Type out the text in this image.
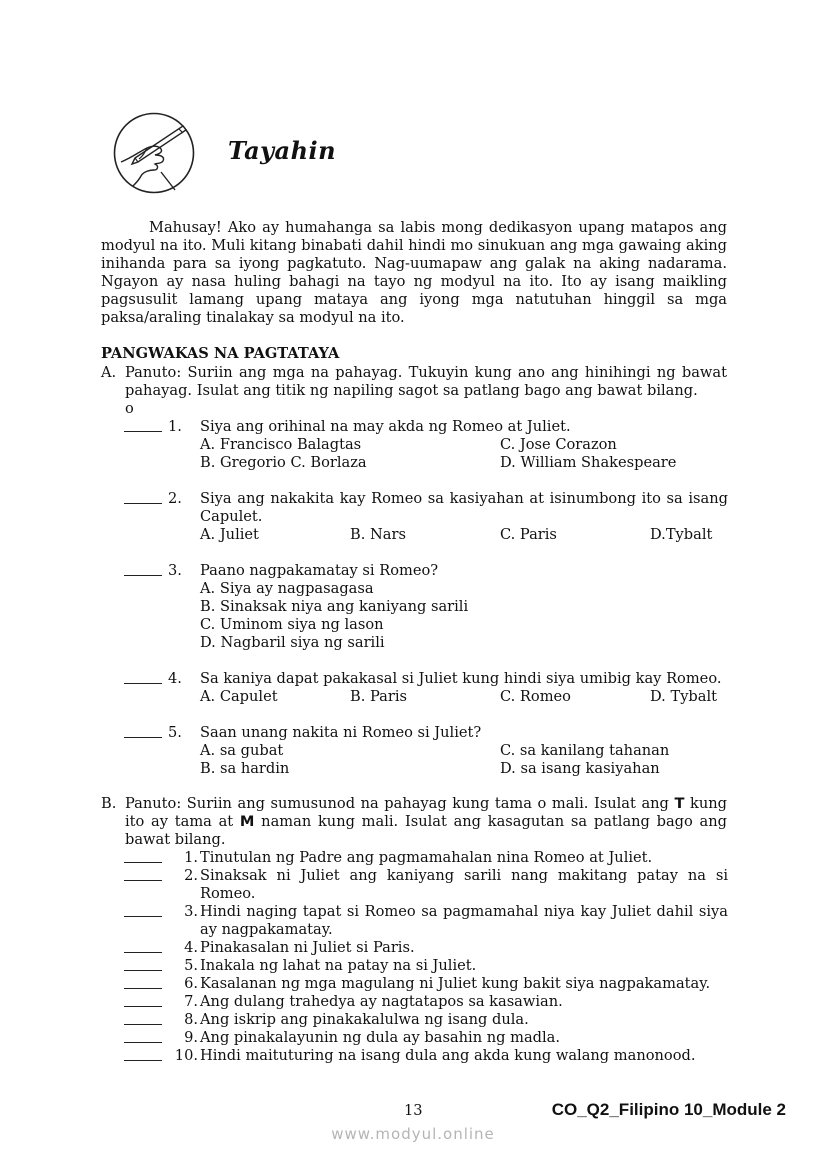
Tayahin

Mahusay! Ako ay humahanga sa labis mong dedikasyon upang matapos ang modyul na ito. Muli kitang binabati dahil hindi mo sinukuan ang mga gawaing aking inihanda para sa iyong pagkatuto. Nag-uumapaw ang galak na aking nadarama. Ngayon ay nasa huling bahagi na tayo ng modyul na ito. Ito ay isang maikling pagsusulit lamang upang mataya ang iyong mga natutuhan hinggil sa mga paksa/araling tinalakay sa modyul na ito.

PANGWAKAS NA PAGTATAYA
A. Panuto: Suriin ang mga na pahayag. Tukuyin kung ano ang hinihingi ng bawat pahayag. Isulat ang titik ng napiling sagot sa patlang bago ang bawat bilang.
o
1.	Siya ang orihinal na may akda ng Romeo at Juliet.
A. Francisco Balagtas	C. Jose Corazon
B. Gregorio C. Borlaza	D. William Shakespeare
2.	Siya ang nakakita kay Romeo sa kasiyahan at isinumbong ito sa isang Capulet.
A. Juliet	B. Nars	C. Paris	D.Tybalt
3.	Paano nagpakamatay si Romeo?
A. Siya ay nagpasagasa
B. Sinaksak niya ang kaniyang sarili
C. Uminom siya ng lason
D. Nagbaril siya ng sarili
4.	Sa kaniya dapat pakakasal si Juliet kung hindi siya umibig kay Romeo.
A. Capulet	B. Paris	C. Romeo	D. Tybalt
5.	Saan unang nakita ni Romeo si Juliet?
A. sa gubat	C. sa kanilang tahanan
B. sa hardin	D. sa isang kasiyahan
B. Panuto: Suriin ang sumusunod na pahayag kung tama o mali. Isulat ang T kung ito ay tama at M naman kung mali. Isulat ang kasagutan sa patlang bago ang bawat bilang.
1. Tinutulan ng Padre ang pagmamahalan nina Romeo at Juliet.
2. Sinaksak ni Juliet ang kaniyang sarili nang makitang patay na si Romeo.
3. Hindi naging tapat si Romeo sa pagmamahal niya kay Juliet dahil siya ay nagpakamatay.
4. Pinakasalan ni Juliet si Paris.
5. Inakala ng lahat na patay na si Juliet.
6. Kasalanan ng mga magulang ni Juliet kung bakit siya nagpakamatay.
7. Ang dulang trahedya ay nagtatapos sa kasawian.
8. Ang iskrip ang pinakakalulwa ng isang dula.
9. Ang pinakalayunin ng dula ay basahin ng madla.
10. Hindi maituturing na isang dula ang akda kung walang manonood.
13	CO_Q2_Filipino 10_Module 2
www.modyul.online
